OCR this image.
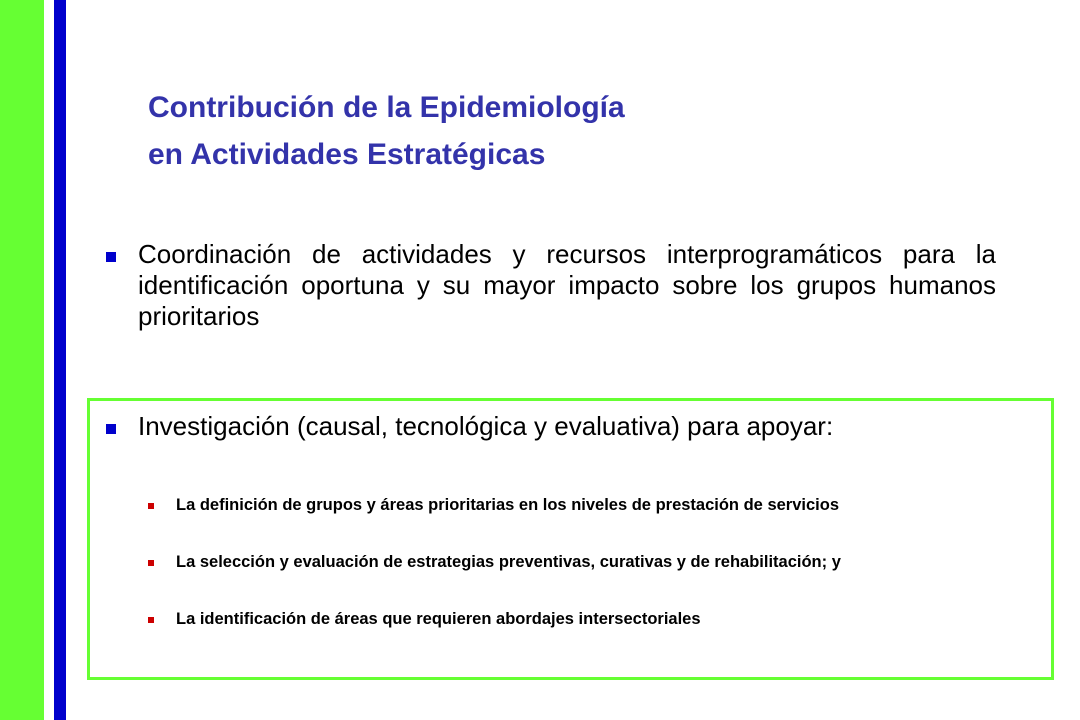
Contribución de la Epidemiología
en Actividades Estratégicas
Coordinación de actividades y recursos interprogramáticos para la identificación oportuna y su mayor impacto sobre los grupos humanos prioritarios
Investigación (causal, tecnológica y evaluativa) para apoyar:
La definición de grupos y áreas prioritarias en los niveles de prestación de servicios
La selección y evaluación de estrategias preventivas, curativas y de rehabilitación; y
La identificación de áreas que requieren abordajes intersectoriales
